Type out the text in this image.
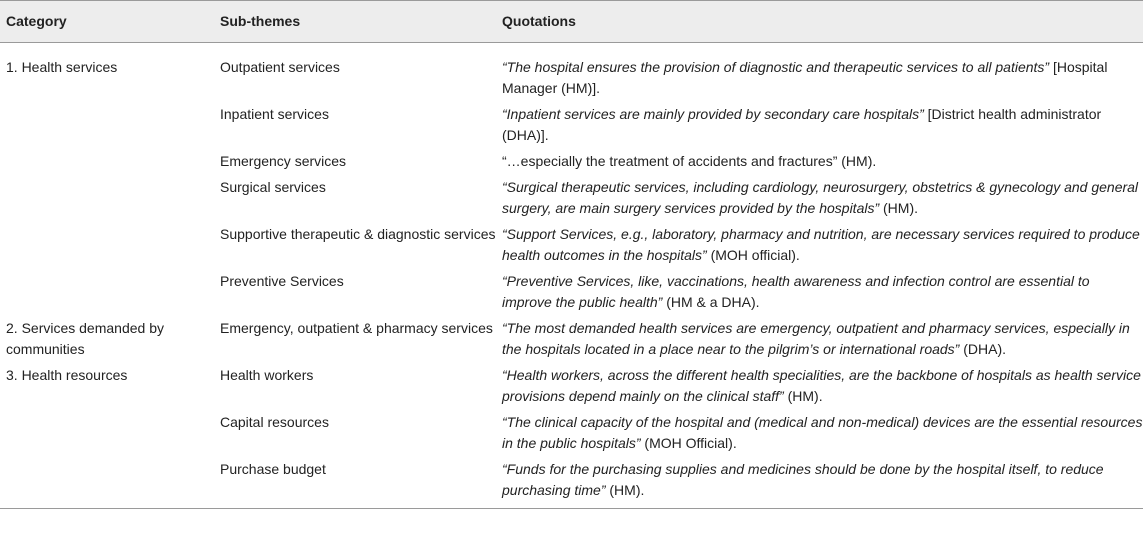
Category	Sub-themes	Quotations
1. Health services	Outpatient services	“The hospital ensures the provision of diagnostic and therapeutic services to all patients” [Hospital Manager (HM)].
	Inpatient services	“Inpatient services are mainly provided by secondary care hospitals” [District health administrator (DHA)].
	Emergency services	“…especially the treatment of accidents and fractures” (HM).
	Surgical services	“Surgical therapeutic services, including cardiology, neurosurgery, obstetrics & gynecology and general surgery, are main surgery services provided by the hospitals” (HM).
	Supportive therapeutic & diagnostic services	“Support Services, e.g., laboratory, pharmacy and nutrition, are necessary services required to produce health outcomes in the hospitals” (MOH official).
	Preventive Services	“Preventive Services, like, vaccinations, health awareness and infection control are essential to improve the public health” (HM & a DHA).
2. Services demanded by communities	Emergency, outpatient & pharmacy services	“The most demanded health services are emergency, outpatient and pharmacy services, especially in the hospitals located in a place near to the pilgrim’s or international roads” (DHA).
3. Health resources	Health workers	“Health workers, across the different health specialities, are the backbone of hospitals as health service provisions depend mainly on the clinical staff” (HM).
	Capital resources	“The clinical capacity of the hospital and (medical and non-medical) devices are the essential resources in the public hospitals” (MOH Official).
	Purchase budget	“Funds for the purchasing supplies and medicines should be done by the hospital itself, to reduce purchasing time” (HM).
